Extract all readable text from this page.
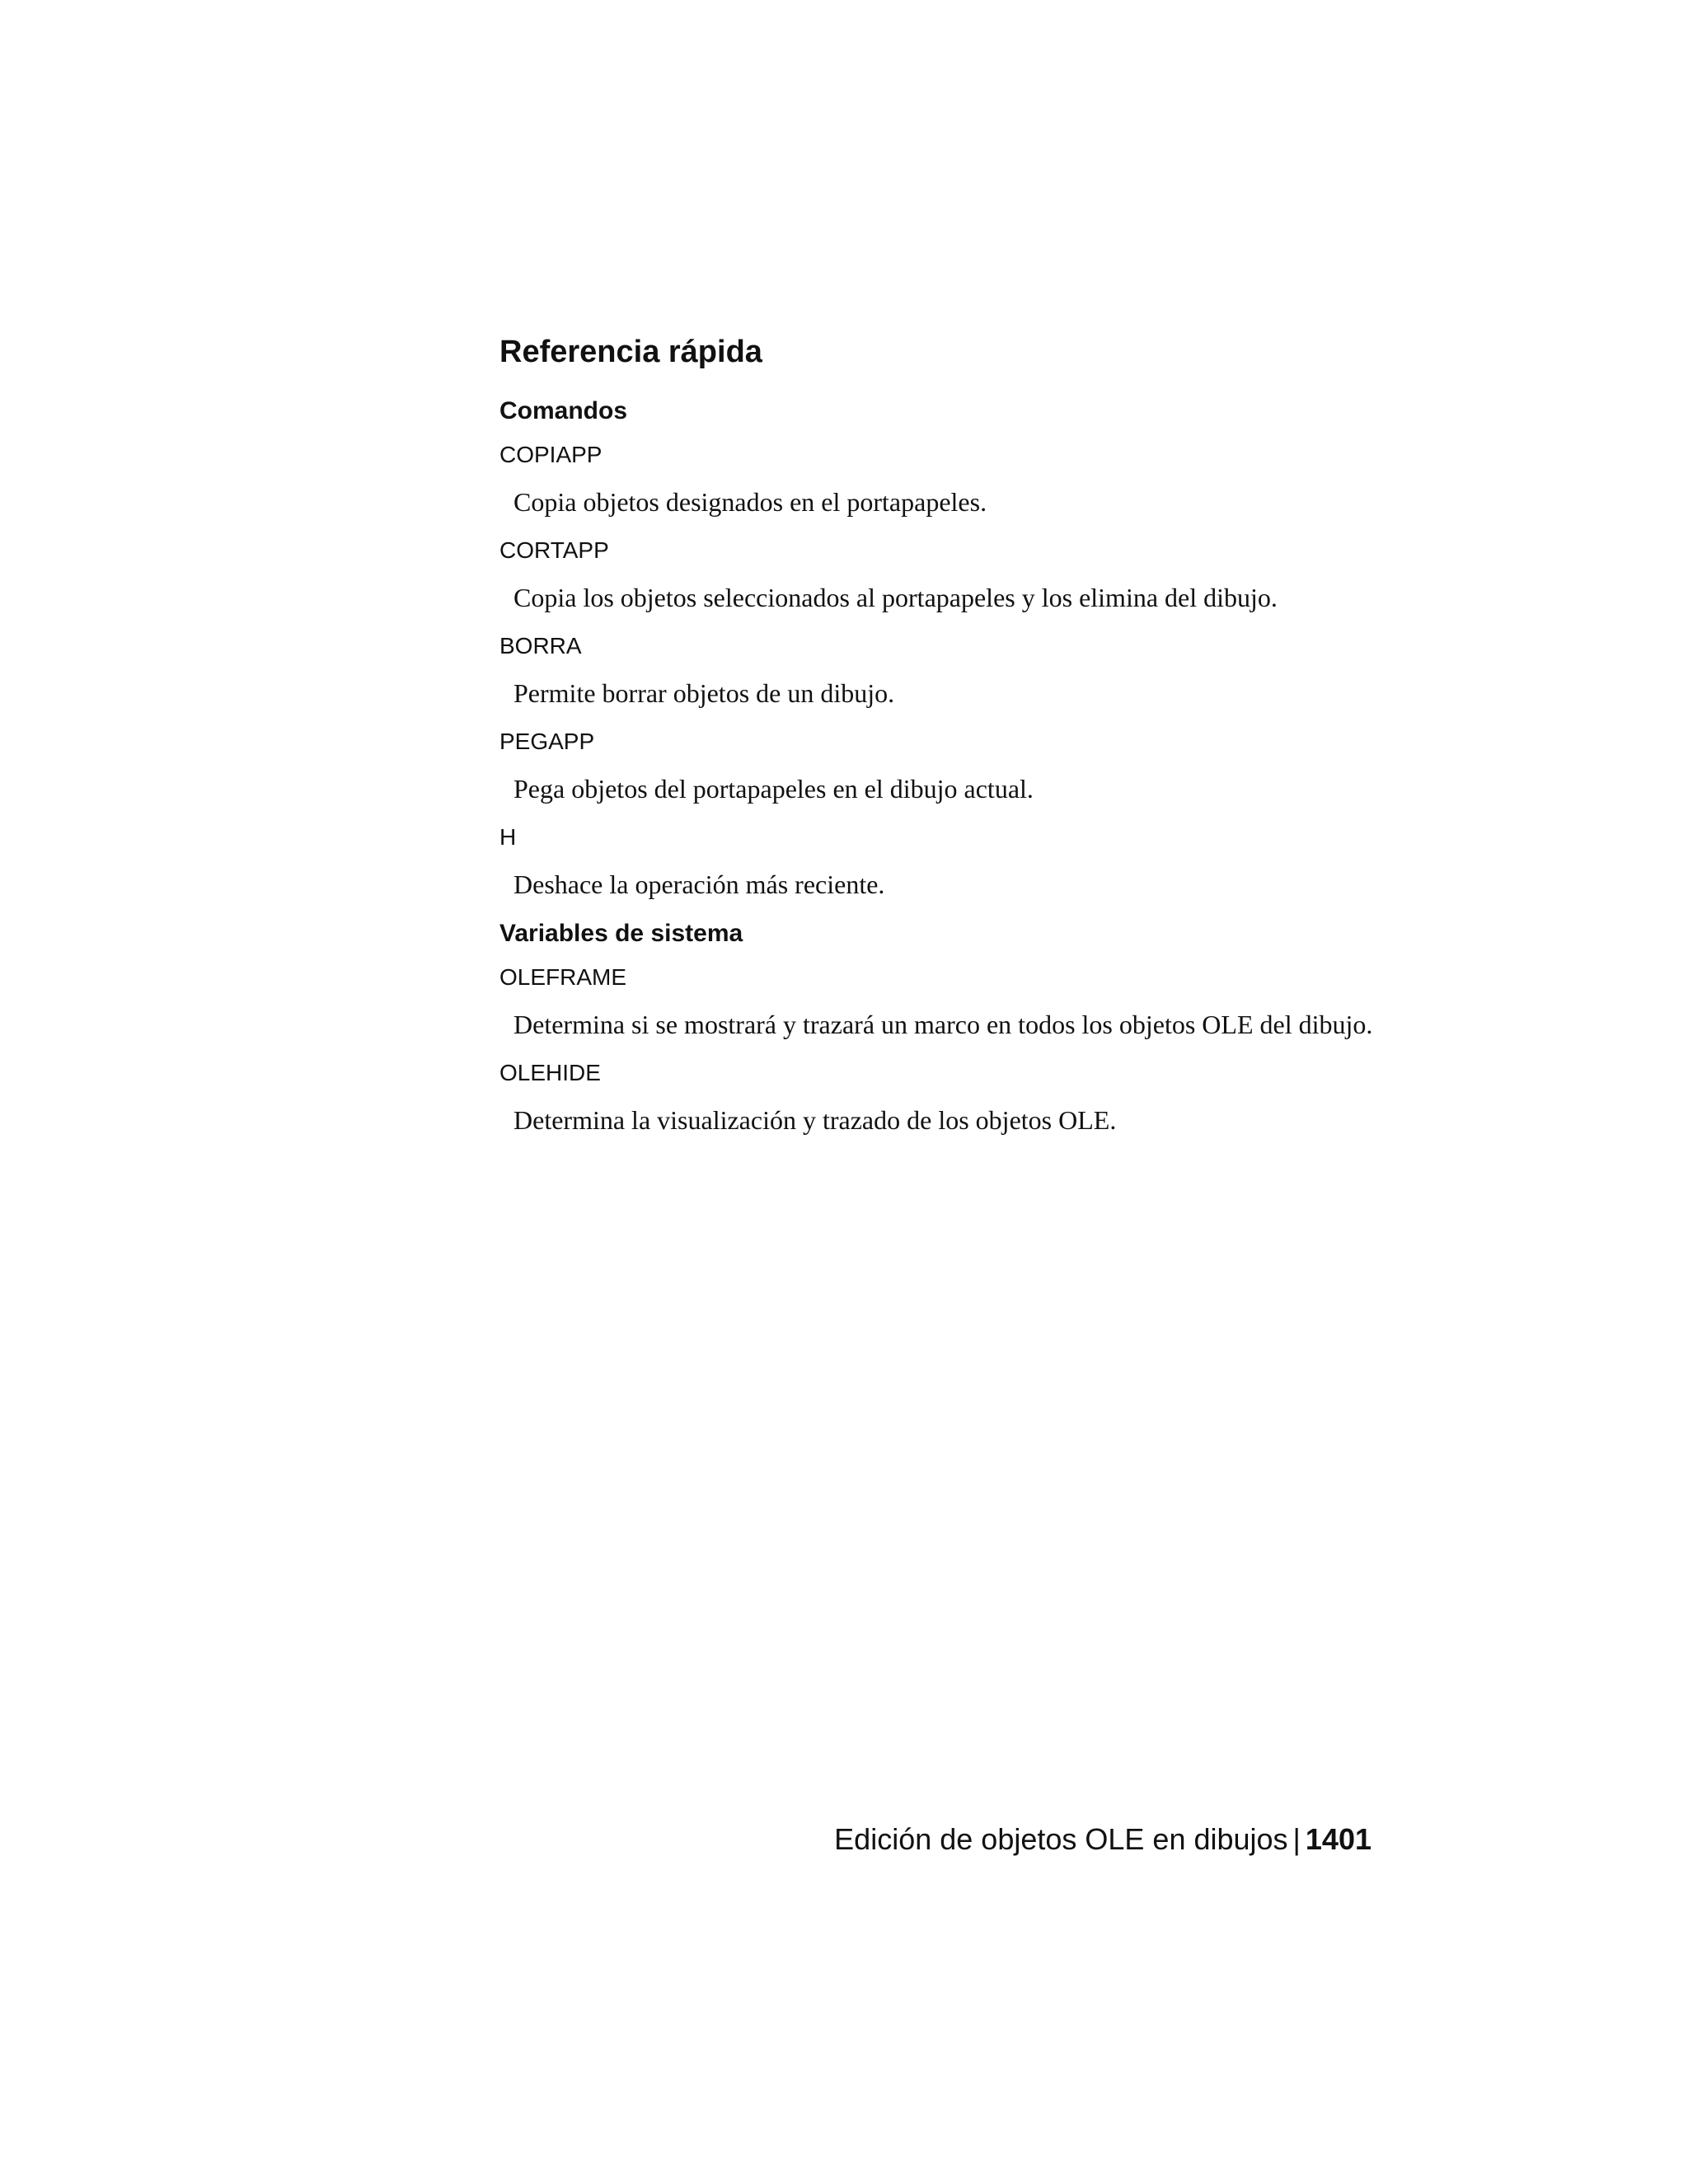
Referencia rápida
Comandos

COPIAPP

Copia objetos designados en el portapapeles.

CORTAPP

Copia los objetos seleccionados al portapapeles y los elimina del dibujo.

BORRA

Permite borrar objetos de un dibujo.

PEGAPP

Pega objetos del portapapeles en el dibujo actual.

H

Deshace la operación más reciente.

Variables de sistema

OLEFRAME

Determina si se mostrará y trazará un marco en todos los objetos OLE del dibujo.

OLEHIDE

Determina la visualización y trazado de los objetos OLE.

Edición de objetos OLE en dibujos | 1401
